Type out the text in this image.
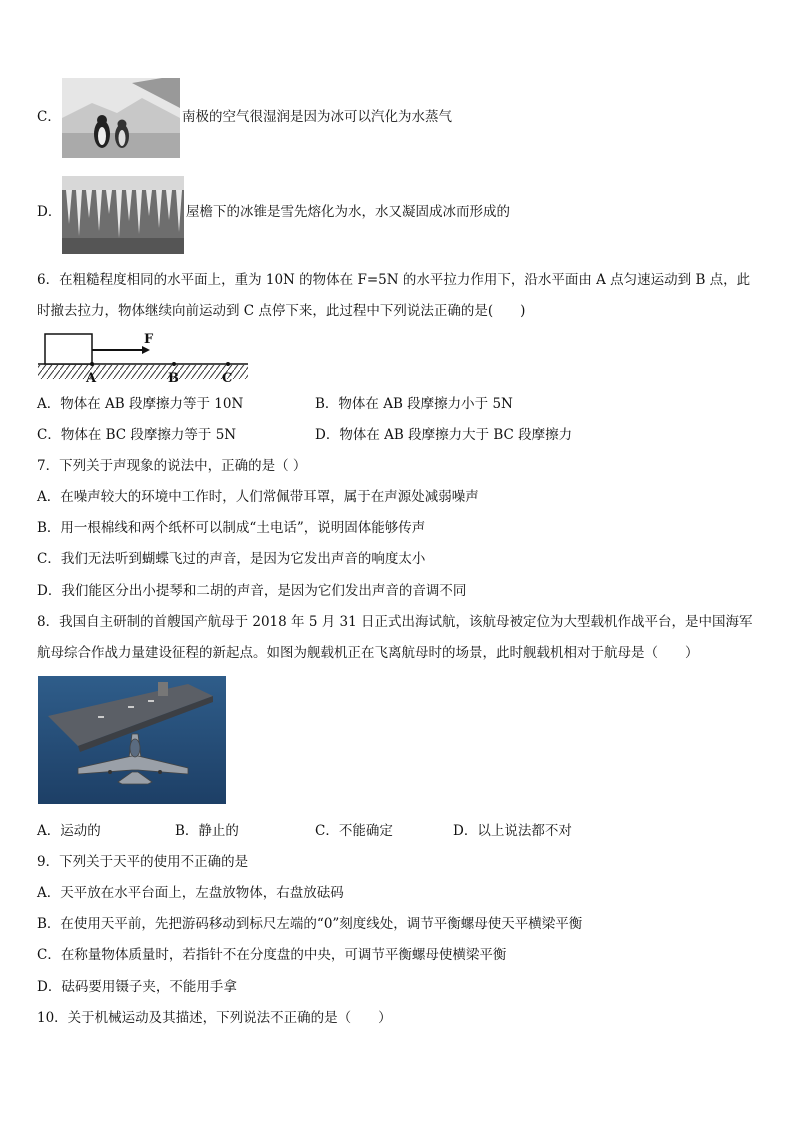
C．	南极的空气很湿润是因为冰可以汽化为水蒸气
D．	屋檐下的冰锥是雪先熔化为水，水又凝固成冰而形成的
6．在粗糙程度相同的水平面上，重为 10N 的物体在 F=5N 的水平拉力作用下，沿水平面由 A 点匀速运动到 B 点，此
时撤去拉力，物体继续向前运动到 C 点停下来，此过程中下列说法正确的是(　　)
F
A	B	C
A．物体在 AB 段摩擦力等于 10N	B．物体在 AB 段摩擦力小于 5N
C．物体在 BC 段摩擦力等于 5N	D．物体在 AB 段摩擦力大于 BC 段摩擦力
7．下列关于声现象的说法中，正确的是（ ）
A．在噪声较大的环境中工作时，人们常佩带耳罩，属于在声源处减弱噪声
B．用一根棉线和两个纸杯可以制成“土电话”，说明固体能够传声
C．我们无法听到蝴蝶飞过的声音，是因为它发出声音的响度太小
D．我们能区分出小提琴和二胡的声音，是因为它们发出声音的音调不同
8．我国自主研制的首艘国产航母于 2018 年 5 月 31 日正式出海试航，该航母被定位为大型载机作战平台，是中国海军
航母综合作战力量建设征程的新起点。如图为舰载机正在飞离航母时的场景，此时舰载机相对于航母是（　　）
A．运动的	B．静止的	C．不能确定	D．以上说法都不对
9．下列关于天平的使用不正确的是
A．天平放在水平台面上，左盘放物体，右盘放砝码
B．在使用天平前，先把游码移动到标尺左端的“0”刻度线处，调节平衡螺母使天平横梁平衡
C．在称量物体质量时，若指针不在分度盘的中央，可调节平衡螺母使横梁平衡
D．砝码要用镊子夹，不能用手拿
10．关于机械运动及其描述，下列说法不正确的是（　　）
